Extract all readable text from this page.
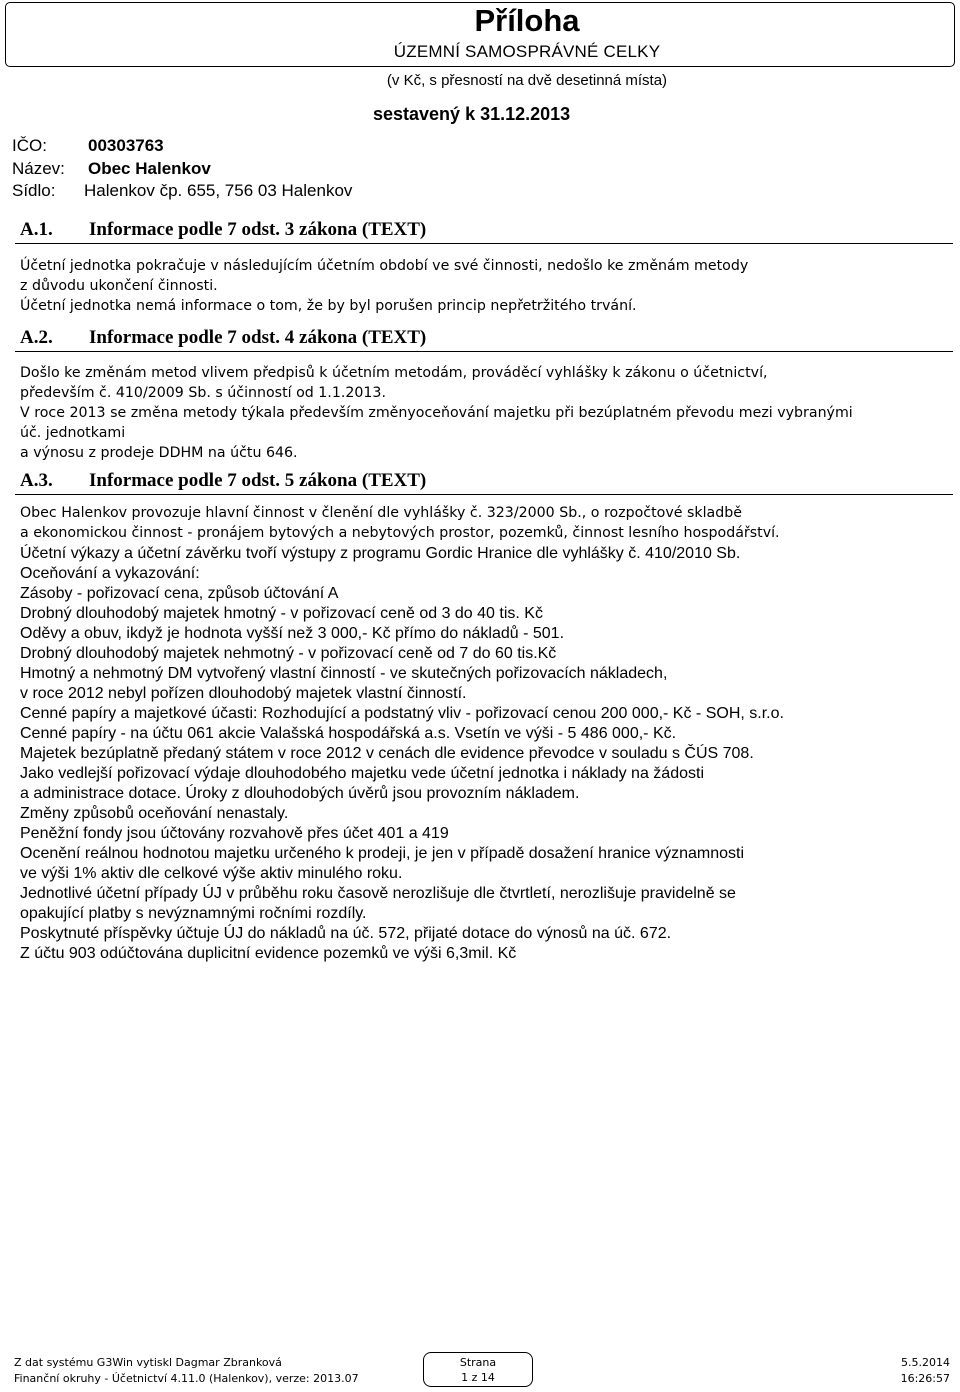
Příloha
ÚZEMNÍ SAMOSPRÁVNÉ CELKY
(v Kč, s přesností na dvě desetinná místa)
sestavený k 31.12.2013
IČO: 00303763
Název: Obec Halenkov
Sídlo: Halenkov čp. 655, 756 03 Halenkov
A.1. Informace podle 7 odst. 3 zákona (TEXT)
Účetní jednotka pokračuje v následujícím účetním období ve své činnosti, nedošlo ke změnám metody
z důvodu ukončení činnosti.
Účetní jednotka nemá informace o tom, že by byl porušen princip nepřetržitého trvání.
A.2. Informace podle 7 odst. 4 zákona (TEXT)
Došlo ke změnám metod vlivem předpisů k účetním metodám, prováděcí vyhlášky k zákonu o účetnictví,
především č. 410/2009 Sb. s účinností od 1.1.2013.
V roce 2013 se změna metody týkala především změnyoceňování majetku při bezúplatném převodu mezi vybranými
úč. jednotkami
a výnosu z prodeje DDHM na účtu 646.
A.3. Informace podle 7 odst. 5 zákona (TEXT)
Obec Halenkov provozuje hlavní činnost v členění dle vyhlášky č. 323/2000 Sb., o rozpočtové skladbě
a ekonomickou činnost - pronájem bytových a nebytových prostor, pozemků, činnost lesního hospodářství.
Účetní výkazy a účetní závěrku tvoří výstupy z programu Gordic Hranice dle vyhlášky č. 410/2010 Sb.
Oceňování a vykazování:
Zásoby - pořizovací cena, způsob účtování A
Drobný dlouhodobý majetek hmotný - v pořizovací ceně od 3 do 40 tis. Kč
Oděvy a obuv, ikdyž je hodnota vyšší než 3 000,- Kč přímo do nákladů - 501.
Drobný dlouhodobý majetek nehmotný - v pořizovací ceně od 7 do 60 tis.Kč
Hmotný a nehmotný DM vytvořený vlastní činností - ve skutečných pořizovacích nákladech,
v roce 2012 nebyl pořízen dlouhodobý majetek vlastní činností.
Cenné papíry a majetkové účasti: Rozhodující a podstatný vliv - pořizovací cenou 200 000,- Kč - SOH, s.r.o.
Cenné papíry - na účtu 061 akcie Valašská hospodářská a.s. Vsetín ve výši - 5 486 000,- Kč.
Majetek bezúplatně předaný státem v roce 2012 v cenách dle evidence převodce v souladu s ČÚS 708.
Jako vedlejší pořizovací výdaje dlouhodobého majetku vede účetní jednotka i náklady na žádosti
a administrace dotace. Úroky z dlouhodobých úvěrů jsou provozním nákladem.
Změny způsobů oceňování nenastaly.
Peněžní fondy jsou účtovány rozvahově přes účet 401 a 419
Ocenění reálnou hodnotou majetku určeného k prodeji, je jen v případě dosažení hranice významnosti
ve výši 1% aktiv dle celkové výše aktiv minulého roku.
Jednotlivé účetní případy ÚJ v průběhu roku časově nerozlišuje dle čtvrtletí, nerozlišuje pravidelně se
opakující platby s nevýznamnými ročními rozdíly.
Poskytnuté příspěvky účtuje ÚJ do nákladů na úč. 572, přijaté dotace do výnosů na úč. 672.
Z účtu 903 odúčtována duplicitní evidence pozemků ve výši 6,3mil. Kč
Z dat systému G3Win vytiskl Dagmar Zbranková
Finanční okruhy - Účetnictví 4.11.0 (Halenkov), verze: 2013.07
Strana
1 z 14
5.5.2014
16:26:57
